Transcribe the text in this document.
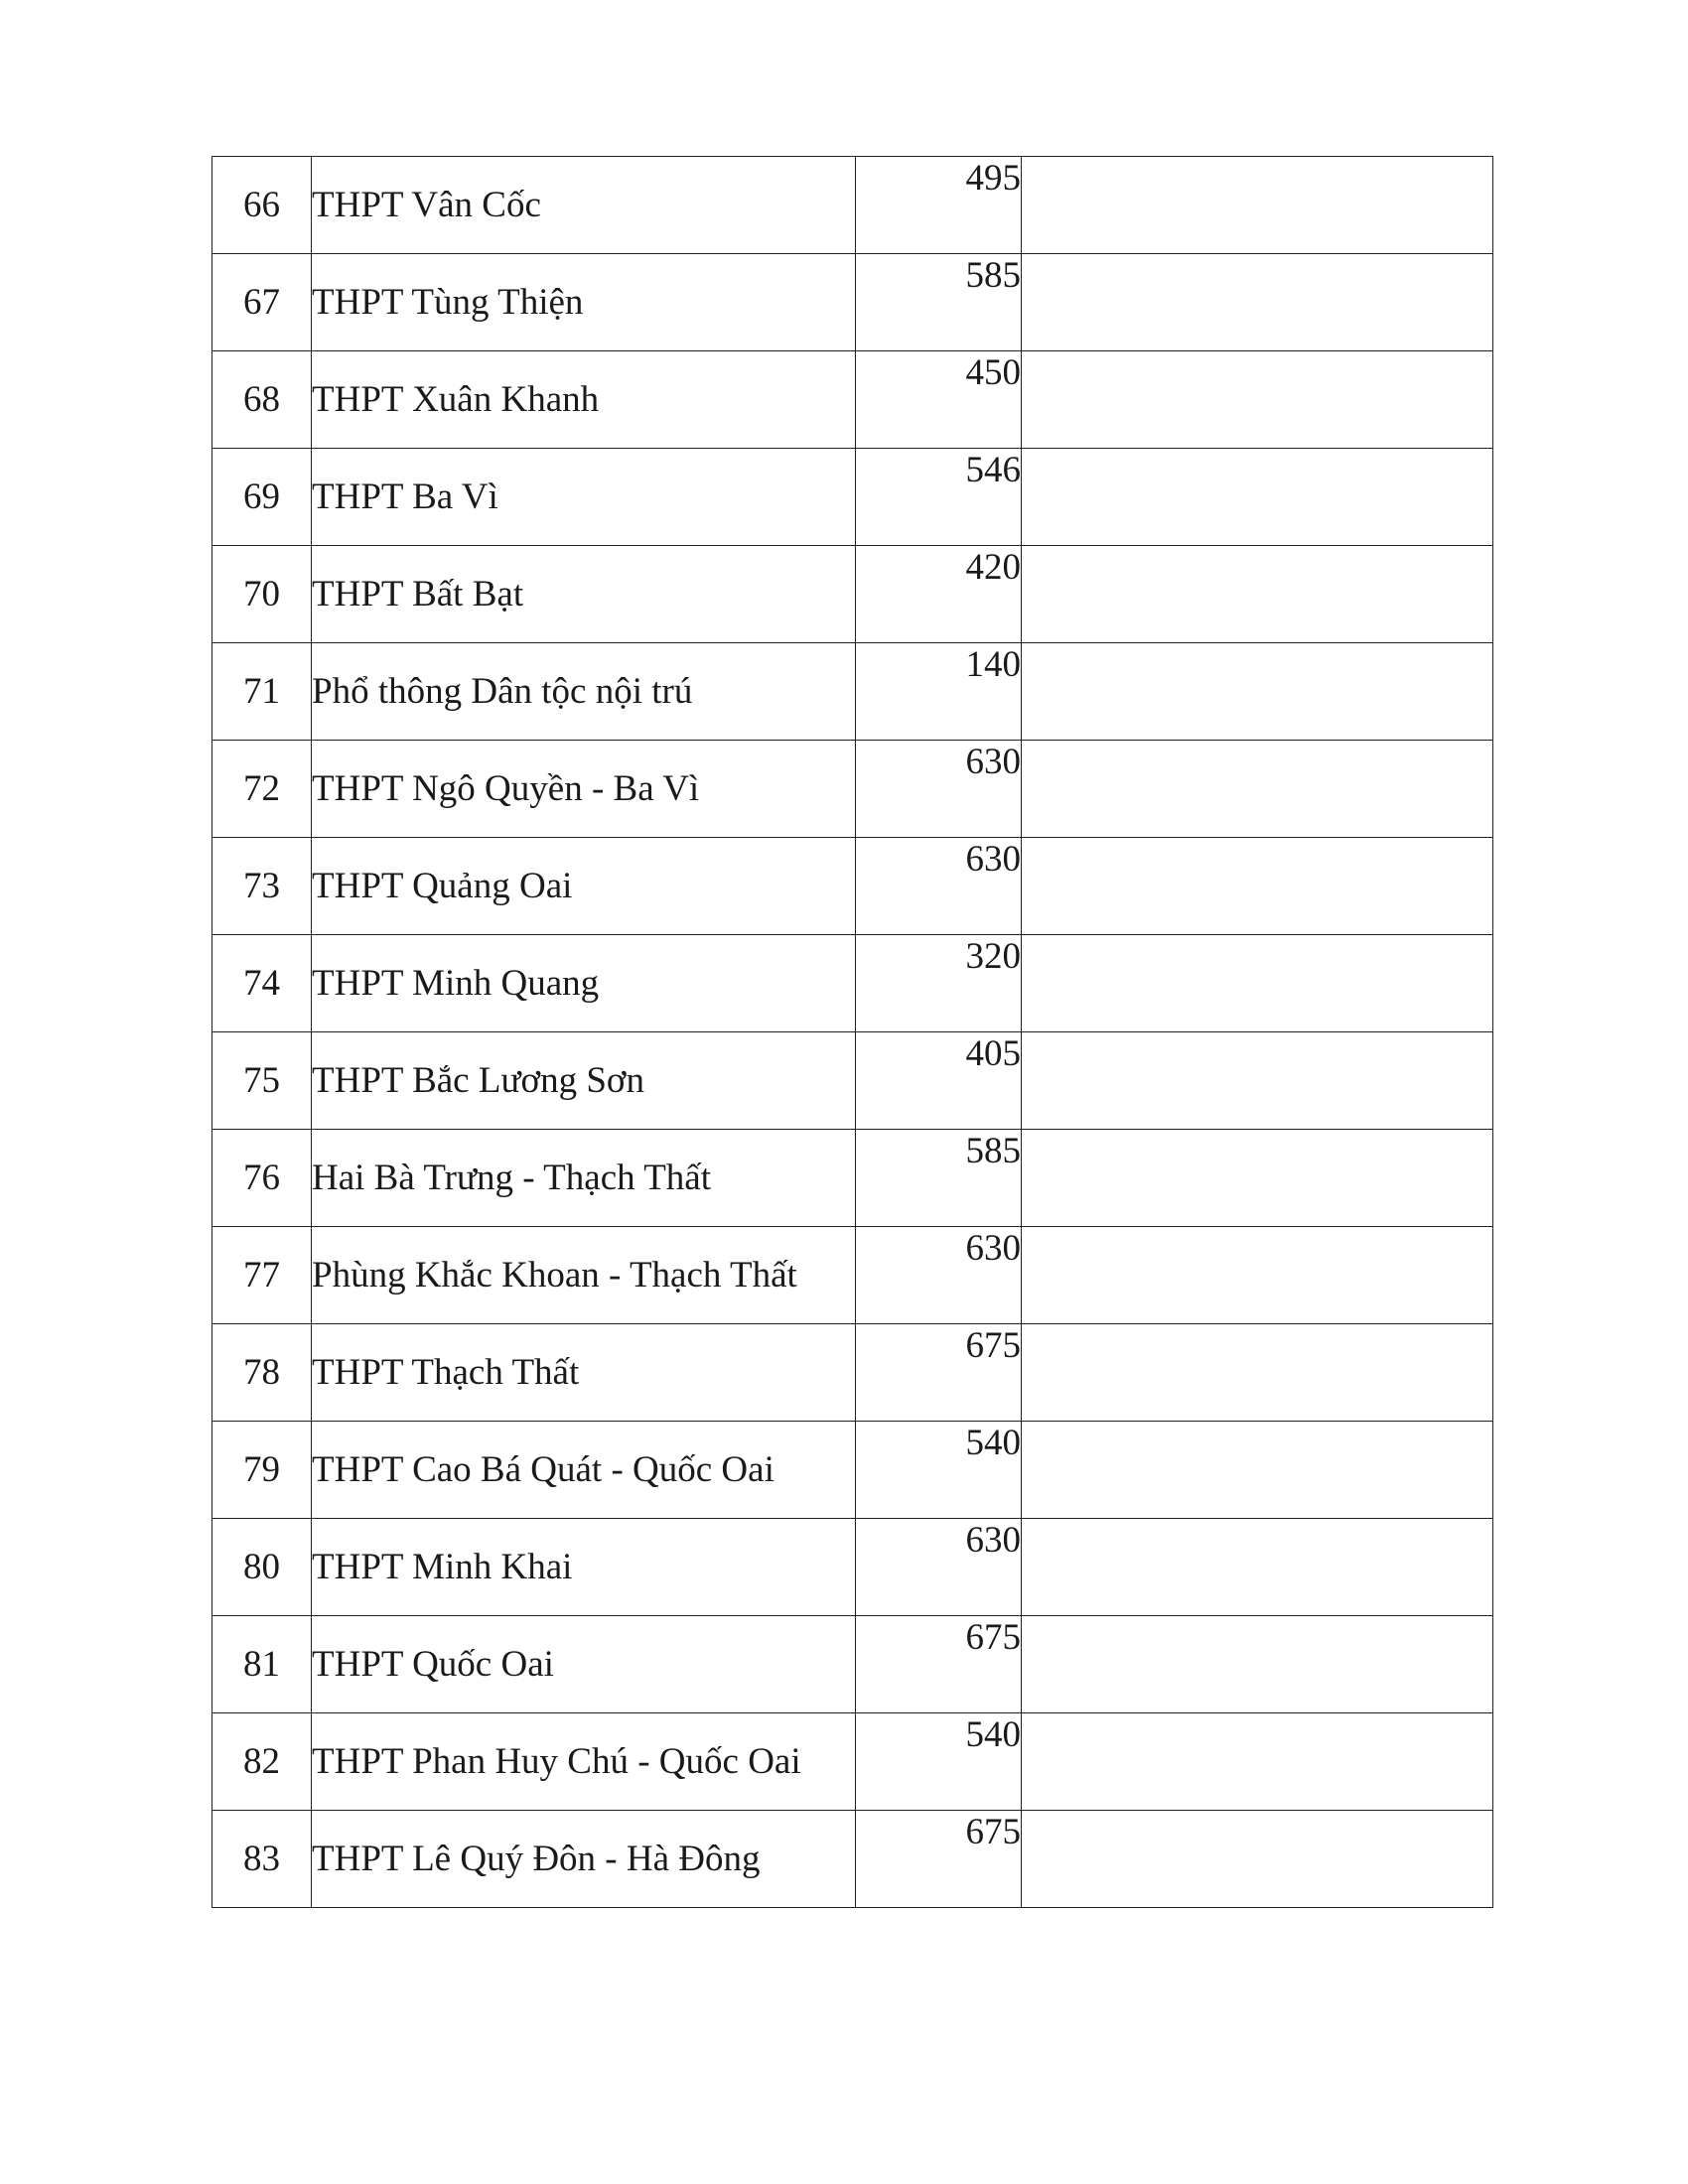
66	THPT Vân Cốc	495	
67	THPT Tùng Thiện	585	
68	THPT Xuân Khanh	450	
69	THPT Ba Vì	546	
70	THPT Bất Bạt	420	
71	Phổ thông Dân tộc nội trú	140	
72	THPT Ngô Quyền - Ba Vì	630	
73	THPT Quảng Oai	630	
74	THPT Minh Quang	320	
75	THPT Bắc Lương Sơn	405	
76	Hai Bà Trưng - Thạch Thất	585	
77	Phùng Khắc Khoan - Thạch Thất	630	
78	THPT Thạch Thất	675	
79	THPT Cao Bá Quát - Quốc Oai	540	
80	THPT Minh Khai	630	
81	THPT Quốc Oai	675	
82	THPT Phan Huy Chú - Quốc Oai	540	
83	THPT Lê Quý Đôn - Hà Đông	675	
